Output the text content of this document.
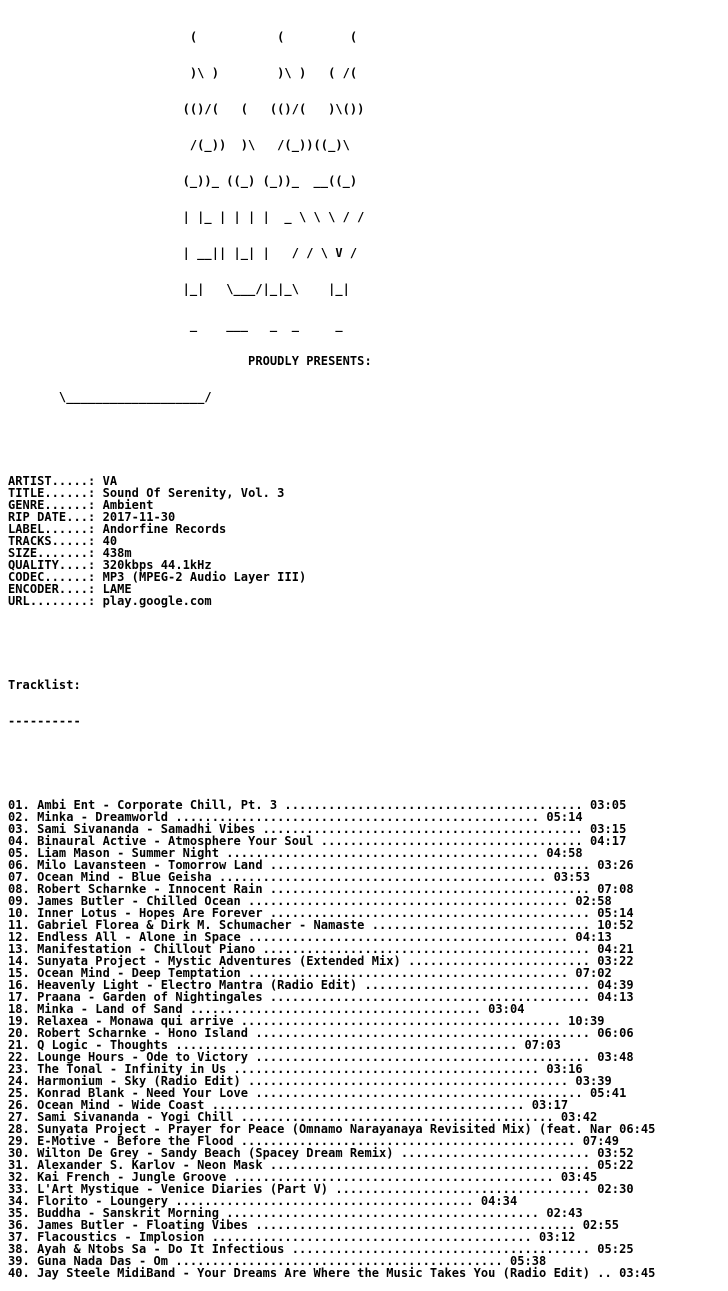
(           (         (

)\ )        )\ )   ( /(

(()/(   (   (()/(   )\())

/(_))  )\   /(_))((_)\

(_))_ ((_) (_))_  __((_)

| |_ | | | |  _ \ \ \ / /

| __|| |_| |   / / \ V /

|_|   \___/|_|_\    |_|

_    ___   _  _     _

PROUDLY PRESENTS:

\___________________/

ARTIST.....: VA
TITLE......: Sound Of Serenity, Vol. 3
GENRE......: Ambient
RIP DATE...: 2017-11-30
LABEL......: Andorfine Records
TRACKS.....: 40
SIZE.......: 438m
QUALITY....: 320kbps 44.1kHz
CODEC......: MP3 (MPEG-2 Audio Layer III)
ENCODER....: LAME
URL........: play.google.com

Tracklist:

----------

01. Ambi Ent - Corporate Chill, Pt. 3 ......................................... 03:05
02. Minka - Dreamworld .................................................. 05:14
03. Sami Sivananda - Samadhi Vibes ............................................ 03:15
04. Binaural Active - Atmosphere Your Soul .................................... 04:17
05. Liam Mason - Summer Night ........................................... 04:58
06. Milo Lavansteen - Tomorrow Land ............................................ 03:26
07. Ocean Mind - Blue Geisha ............................................. 03:53
08. Robert Scharnke - Innocent Rain ............................................ 07:08
09. James Butler - Chilled Ocean ............................................ 02:58
10. Inner Lotus - Hopes Are Forever ............................................ 05:14
11. Gabriel Florea & Dirk M. Schumacher - Namaste .............................. 10:52
12. Endless All - Alone in Space ............................................ 04:13
13. Manifestation - Chillout Piano ............................................. 04:21
14. Sunyata Project - Mystic Adventures (Extended Mix) ......................... 03:22
15. Ocean Mind - Deep Temptation ............................................ 07:02
16. Heavenly Light - Electro Mantra (Radio Edit) ............................... 04:39
17. Praana - Garden of Nightingales ............................................ 04:13
18. Minka - Land of Sand ........................................ 03:04
19. Relaxea - Monawa qui arrive ............................................ 10:39
20. Robert Scharnke - Hono Island .............................................. 06:06
21. Q Logic - Thoughts ............................................... 07:03
22. Lounge Hours - Ode to Victory .............................................. 03:48
23. The Tonal - Infinity in Us .......................................... 03:16
24. Harmonium - Sky (Radio Edit) ............................................ 03:39
25. Konrad Blank - Need Your Love ............................................. 05:41
26. Ocean Mind - Wide Coast ........................................... 03:17
27. Sami Sivananda - Yogi Chill ........................................... 03:42
28. Sunyata Project - Prayer for Peace (Omnamo Narayanaya Revisited Mix) (feat. Nar 06:45
29. E-Motive - Before the Flood .............................................. 07:49
30. Wilton De Grey - Sandy Beach (Spacey Dream Remix) .......................... 03:52
31. Alexander S. Karlov - Neon Mask ............................................ 05:22
32. Kai French - Jungle Groove ............................................ 03:45
33. L'Art Mystique - Venice Diaries (Part V) ................................... 02:30
34. Florito - Loungery ......................................... 04:34
35. Buddha - Sanskrit Morning ........................................... 02:43
36. James Butler - Floating Vibes ............................................ 02:55
37. Flacoustics - Implosion ............................................ 03:12
38. Ayah & Ntobs Sa - Do It Infectious ......................................... 05:25
39. Guna Nada Das - Om ............................................. 05:38
40. Jay Steele MidiBand - Your Dreams Are Where the Music Takes You (Radio Edit) .. 03:45
